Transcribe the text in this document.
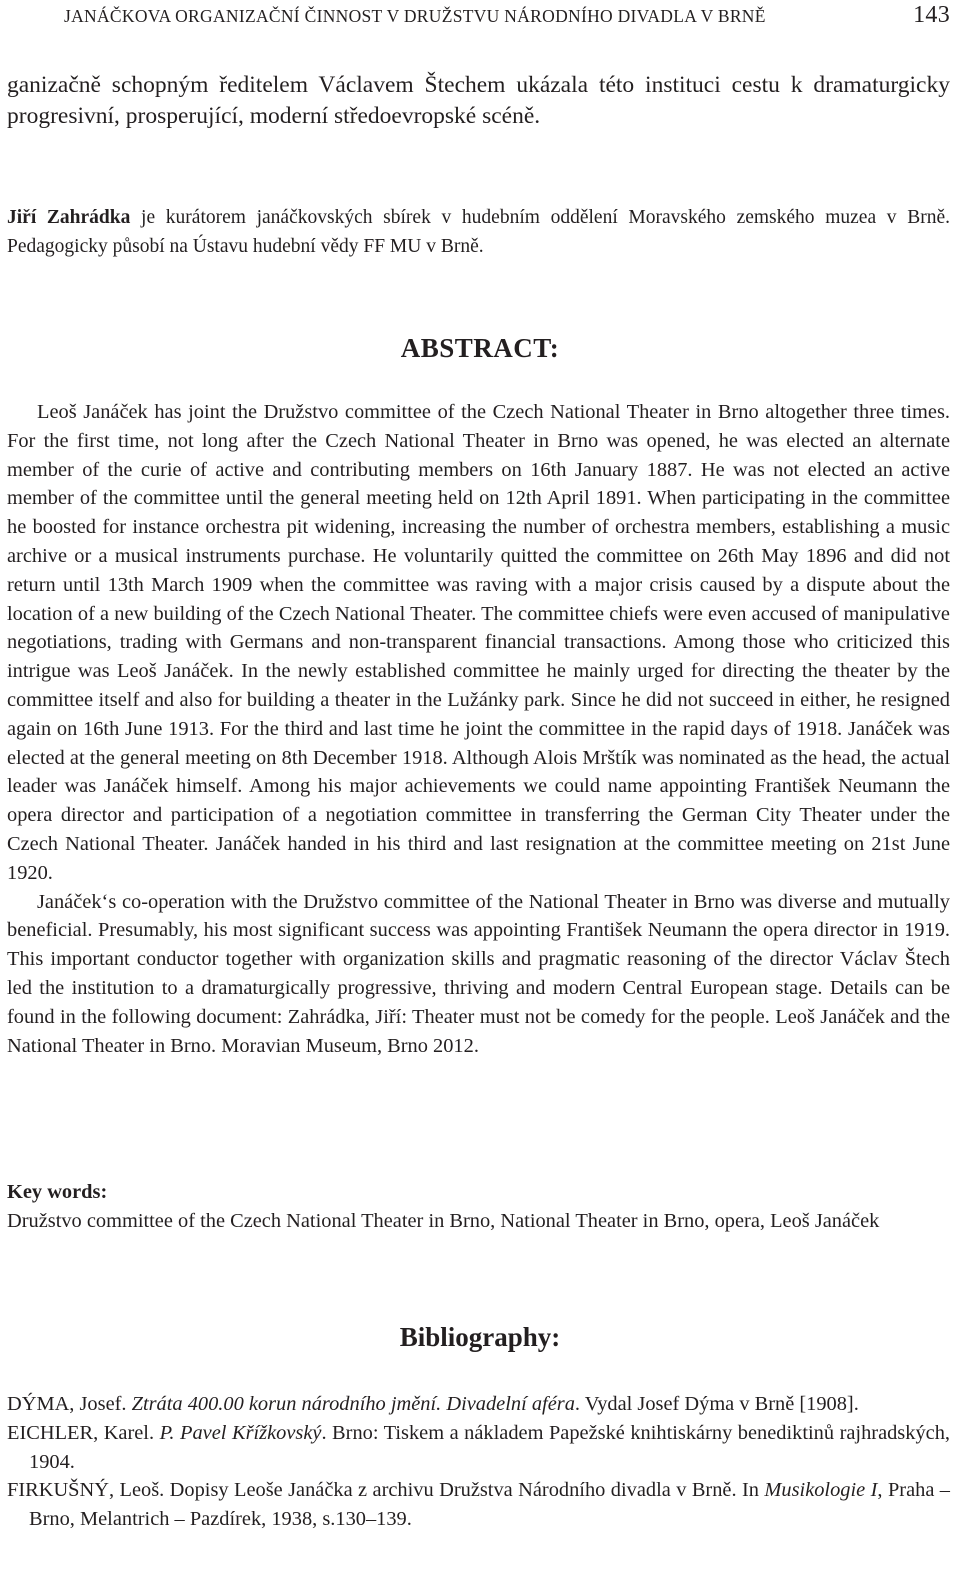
JANÁČKOVA ORGANIZAČNÍ ČINNOST V DRUŽSTVU NÁRODNÍHO DIVADLA V BRNĚ	143
ganizačně schopným ředitelem Václavem Štechem ukázala této instituci cestu k dramaturgicky progresivní, prosperující, moderní středoevropské scéně.
Jiří Zahrádka je kurátorem janáčkovských sbírek v hudebním oddělení Moravského zemského muzea v Brně. Pedagogicky působí na Ústavu hudební vědy FF MU v Brně.
ABSTRACT:

Leoš Janáček has joint the Družstvo committee of the Czech National Theater in Brno altogether three times. For the first time, not long after the Czech National Theater in Brno was opened, he was elected an alternate member of the curie of active and contributing members on 16th January 1887. He was not elected an active member of the committee until the general meeting held on 12th April 1891. When participating in the committee he boosted for instance orchestra pit widening, increasing the number of orchestra members, establishing a music archive or a musical instruments purchase. He voluntarily quitted the committee on 26th May 1896 and did not return until 13th March 1909 when the committee was raving with a major crisis caused by a dispute about the location of a new building of the Czech National Theater. The committee chiefs were even accused of manipulative negotiations, trading with Germans and non-transparent financial transactions. Among those who criticized this intrigue was Leoš Janáček. In the newly established committee he mainly urged for directing the theater by the committee itself and also for building a theater in the Lužánky park. Since he did not succeed in either, he resigned again on 16th June 1913. For the third and last time he joint the committee in the rapid days of 1918. Janáček was elected at the general meeting on 8th December 1918. Although Alois Mrštík was nominated as the head, the actual leader was Janáček himself. Among his major achievements we could name appointing František Neumann the opera director and participation of a negotiation committee in transferring the German City Theater under the Czech National Theater. Janáček handed in his third and last resignation at the committee meeting on 21st June 1920.

Janáček‘s co-operation with the Družstvo committee of the National Theater in Brno was diverse and mutually beneficial. Presumably, his most significant success was appointing František Neumann the opera director in 1919. This important conductor together with organization skills and pragmatic reasoning of the director Václav Štech led the institution to a dramaturgically progressive, thriving and modern Central European stage. Details can be found in the following document: Zahrádka, Jiří: Theater must not be comedy for the people. Leoš Janáček and the National Theater in Brno. Moravian Museum, Brno 2012.

Key words:
Družstvo committee of the Czech National Theater in Brno, National Theater in Brno, opera, Leoš Janáček
Bibliography:
DÝMA, Josef. Ztráta 400.00 korun národního jmění. Divadelní aféra. Vydal Josef Dýma v Brně [1908].
EICHLER, Karel. P. Pavel Křížkovský. Brno: Tiskem a nákladem Papežské knihtiskárny benediktinů rajhradských, 1904.
FIRKUŠNÝ, Leoš. Dopisy Leoše Janáčka z archivu Družstva Národního divadla v Brně. In Musikologie I, Praha – Brno, Melantrich – Pazdírek, 1938, s.130–139.
